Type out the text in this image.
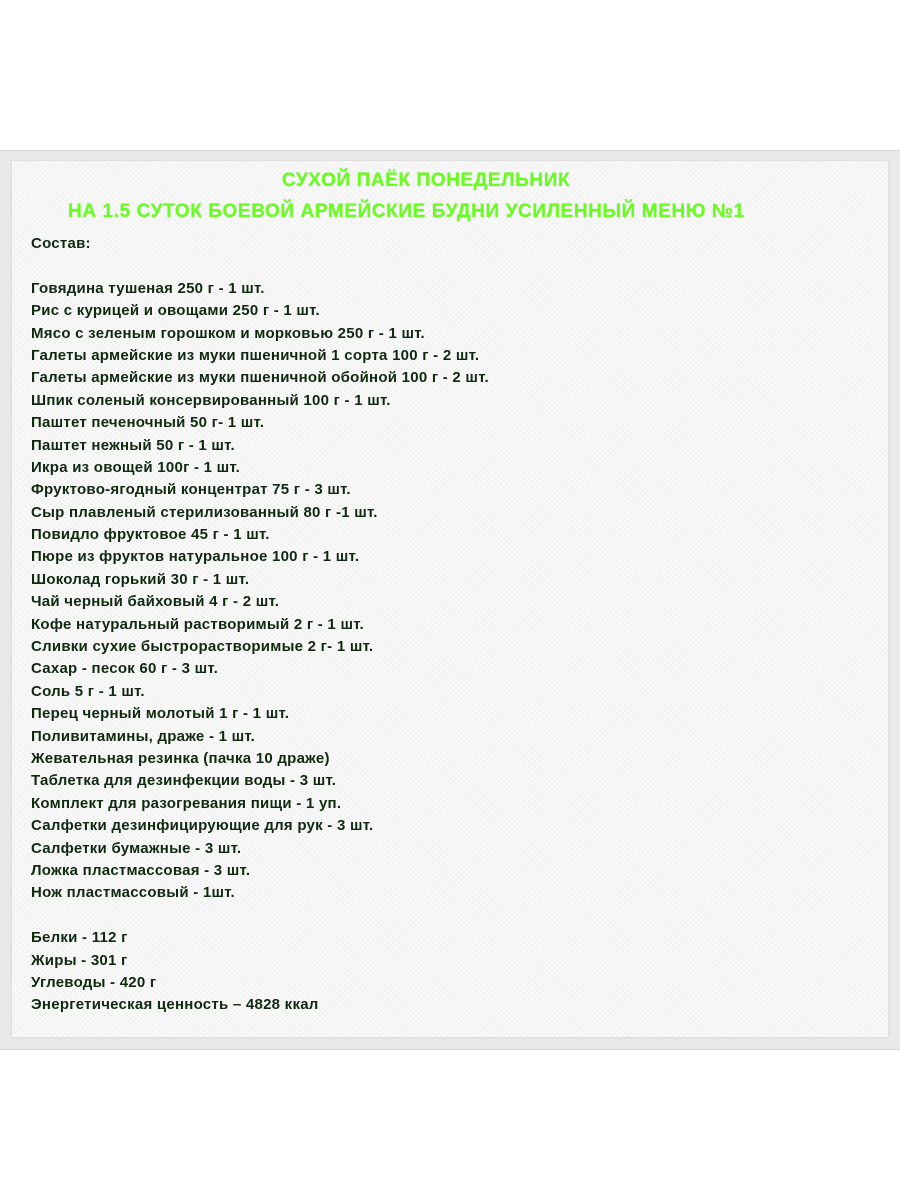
СУХОЙ ПАЁК ПОНЕДЕЛЬНИК
НА 1.5 СУТОК БОЕВОЙ АРМЕЙСКИЕ БУДНИ УСИЛЕННЫЙ МЕНЮ №1
Состав:
Говядина тушеная 250 г - 1 шт.
Рис с курицей и овощами 250 г - 1 шт.
Мясо с зеленым горошком и морковью 250 г - 1 шт.
Галеты армейские из муки пшеничной 1 сорта 100 г - 2 шт.
Галеты армейские из муки пшеничной обойной 100 г - 2 шт.
Шпик соленый консервированный 100 г - 1 шт.
Паштет печеночный 50 г- 1 шт.
Паштет нежный 50 г - 1 шт.
Икра из овощей 100г - 1 шт.
Фруктово-ягодный концентрат 75 г - 3 шт.
Сыр плавленый стерилизованный 80 г -1 шт.
Повидло фруктовое 45 г - 1 шт.
Пюре из фруктов натуральное 100 г - 1 шт.
Шоколад горький 30 г - 1 шт.
Чай черный байховый 4 г - 2 шт.
Кофе натуральный растворимый 2 г - 1 шт.
Сливки сухие быстрорастворимые 2 г- 1 шт.
Сахар - песок 60 г - 3 шт.
Соль 5 г - 1 шт.
Перец черный молотый 1 г - 1 шт.
Поливитамины, драже - 1 шт.
Жевательная резинка (пачка 10 драже)
Таблетка для дезинфекции воды - 3 шт.
Комплект для разогревания пищи - 1 уп.
Салфетки дезинфицирующие для рук - 3 шт.
Салфетки бумажные - 3 шт.
Ложка пластмассовая - 3 шт.
Нож пластмассовый - 1шт.
Белки - 112 г
Жиры - 301 г
Углеводы - 420 г
Энергетическая ценность – 4828 ккал
